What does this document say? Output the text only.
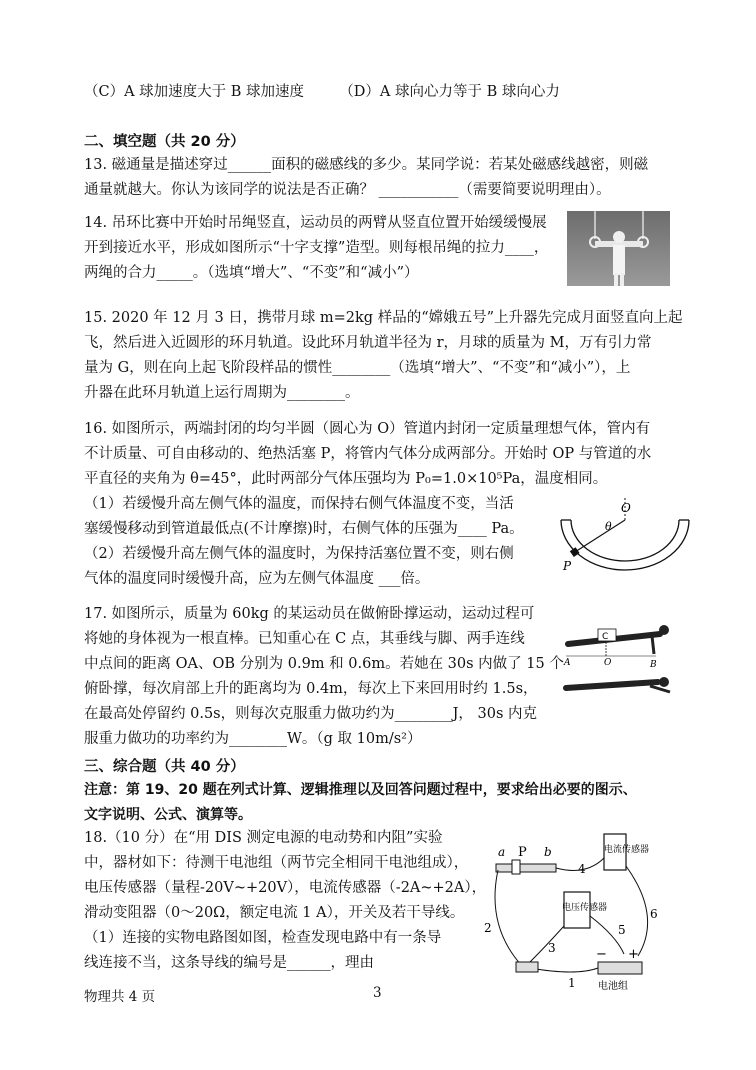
（C）A 球加速度大于 B 球加速度 （D）A 球向心力等于 B 球向心力
二、填空题（共 20 分）
13. 磁通量是描述穿过______面积的磁感线的多少。某同学说：若某处磁感线越密，则磁
通量就越大。你认为该同学的说法是否正确？ ___________（需要简要说明理由）。
14. 吊环比赛中开始时吊绳竖直，运动员的两臂从竖直位置开始缓缓慢展
开到接近水平，形成如图所示“十字支撑”造型。则每根吊绳的拉力____，
两绳的合力_____。（选填“增大”、“不变”和“减小”）
15. 2020 年 12 月 3 日，携带月球 m=2kg 样品的“嫦娥五号”上升器先完成月面竖直向上起
飞，然后进入近圆形的环月轨道。设此环月轨道半径为 r，月球的质量为 M，万有引力常
量为 G，则在向上起飞阶段样品的惯性________（选填“增大”、“不变”和“减小”），上
升器在此环月轨道上运行周期为________。
16. 如图所示，两端封闭的均匀半圆（圆心为 O）管道内封闭一定质量理想气体，管内有
不计质量、可自由移动的、绝热活塞 P，将管内气体分成两部分。开始时 OP 与管道的水
平直径的夹角为 θ=45°，此时两部分气体压强均为 P₀=1.0×10⁵Pa，温度相同。
（1）若缓慢升高左侧气体的温度，而保持右侧气体温度不变，当活
塞缓慢移动到管道最低点(不计摩擦)时，右侧气体的压强为____ Pa。
（2）若缓慢升高左侧气体的温度时，为保持活塞位置不变，则右侧
气体的温度同时缓慢升高，应为左侧气体温度 ___倍。
O
θ
P
17. 如图所示，质量为 60kg 的某运动员在做俯卧撑运动，运动过程可
将她的身体视为一根直棒。已知重心在 C 点，其垂线与脚、两手连线
中点间的距离 OA、OB 分别为 0.9m 和 0.6m。若她在 30s 内做了 15 个
俯卧撑，每次肩部上升的距离均为 0.4m，每次上下来回用时约 1.5s，
在最高处停留约 0.5s，则每次克服重力做功约为________J， 30s 内克
服重力做功的功率约为________W。（g 取 10m/s²）
C
A	O	B
三、综合题（共 40 分）
注意：第 19、20 题在列式计算、逻辑推理以及回答问题过程中，要求给出必要的图示、
文字说明、公式、演算等。
18.（10 分）在“用 DIS 测定电源的电动势和内阻”实验
中，器材如下：待测干电池组（两节完全相同干电池组成），
电压传感器（量程-20V~+20V），电流传感器（-2A~+2A），
滑动变阻器（0～20Ω，额定电流 1 A），开关及若干导线。
（1）连接的实物电路图如图，检查发现电路中有一条导
线连接不当，这条导线的编号是______，理由
a P b	电流传感器
电压传感器
4
2
3
5
6
1
− +
电池组
物理共 4 页	3
